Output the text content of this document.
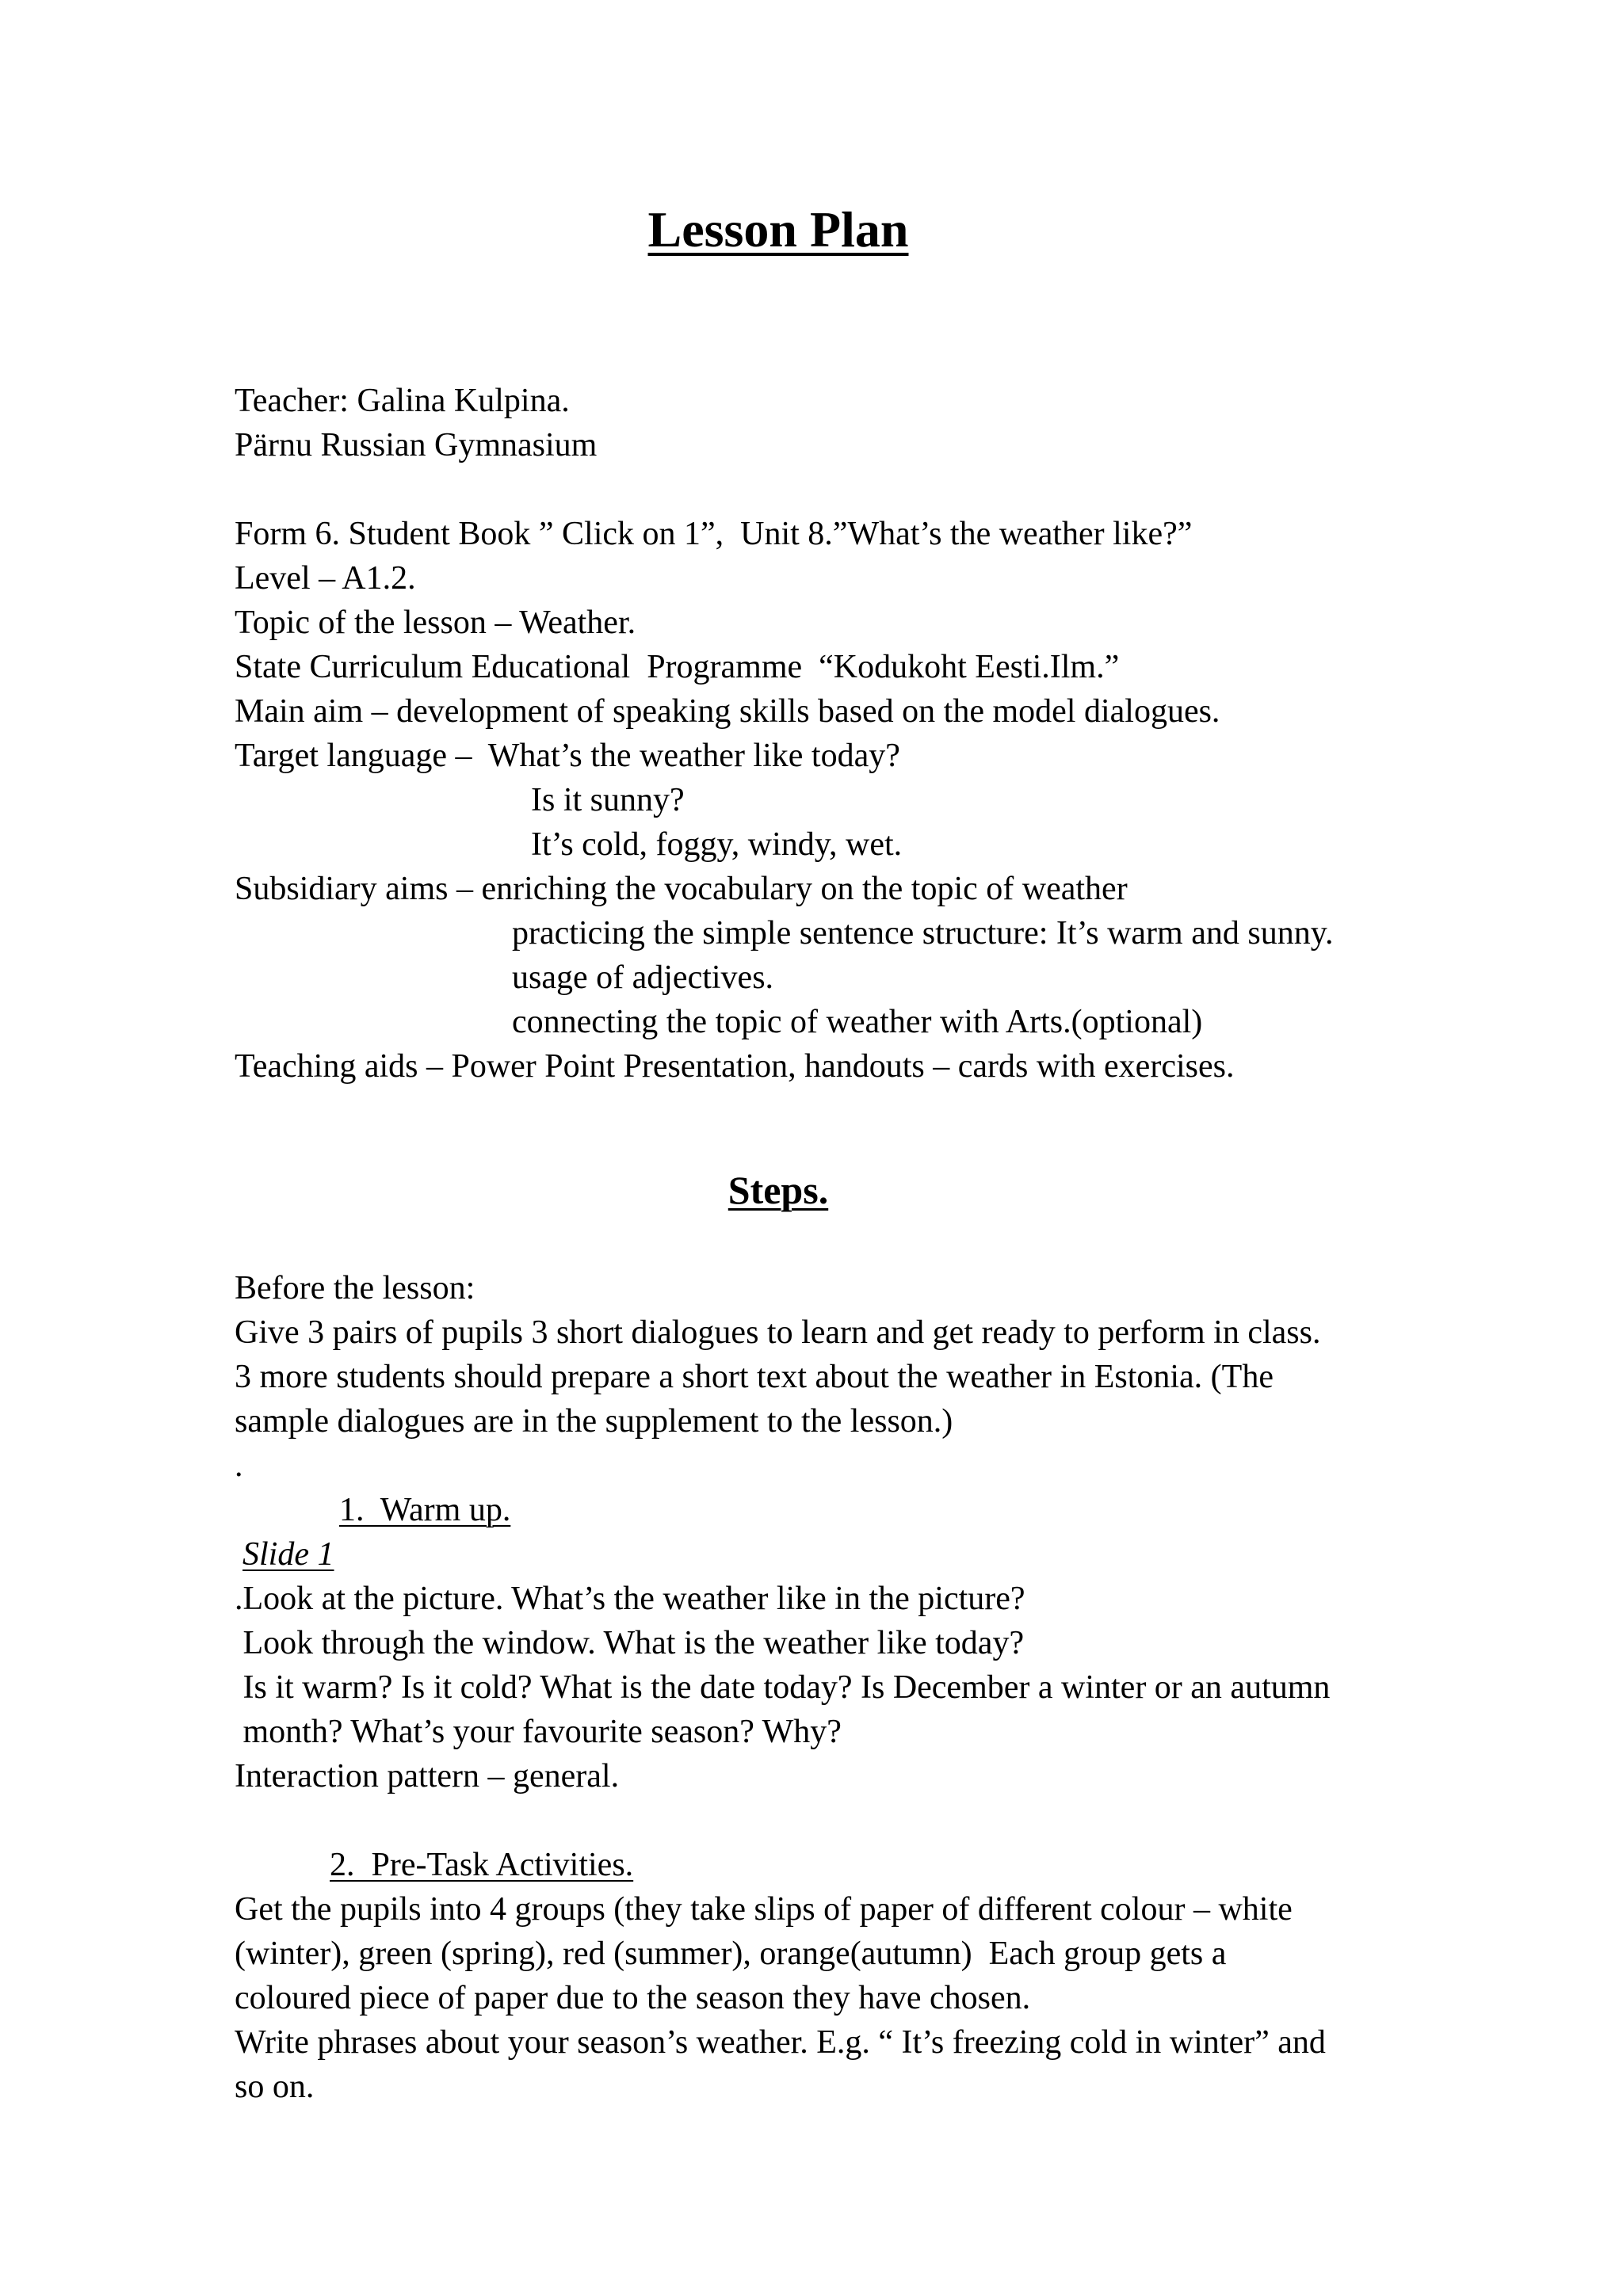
Lesson Plan
Teacher: Galina Kulpina.
Pärnu Russian Gymnasium
Form 6. Student Book ” Click on 1”,  Unit 8.”What’s the weather like?”
Level – A1.2.
Topic of the lesson – Weather.
State Curriculum Educational  Programme  “Kodukoht Eesti.Ilm.”
Main aim – development of speaking skills based on the model dialogues.
Target language –  What’s the weather like today?
Is it sunny?
It’s cold, foggy, windy, wet.
Subsidiary aims – enriching the vocabulary on the topic of weather
practicing the simple sentence structure: It’s warm and sunny.
usage of adjectives.
connecting the topic of weather with Arts.(optional)
Teaching aids – Power Point Presentation, handouts – cards with exercises.
Steps.
Before the lesson:
Give 3 pairs of pupils 3 short dialogues to learn and get ready to perform in class.
3 more students should prepare a short text about the weather in Estonia. (The
sample dialogues are in the supplement to the lesson.)
.
1.  Warm up.
Slide 1
.Look at the picture. What’s the weather like in the picture?
Look through the window. What is the weather like today?
Is it warm? Is it cold? What is the date today? Is December a winter or an autumn
month? What’s your favourite season? Why?
Interaction pattern – general.
2.  Pre-Task Activities.
Get the pupils into 4 groups (they take slips of paper of different colour – white
(winter), green (spring), red (summer), orange(autumn)  Each group gets a
coloured piece of paper due to the season they have chosen.
Write phrases about your season’s weather. E.g. “ It’s freezing cold in winter” and
so on.
